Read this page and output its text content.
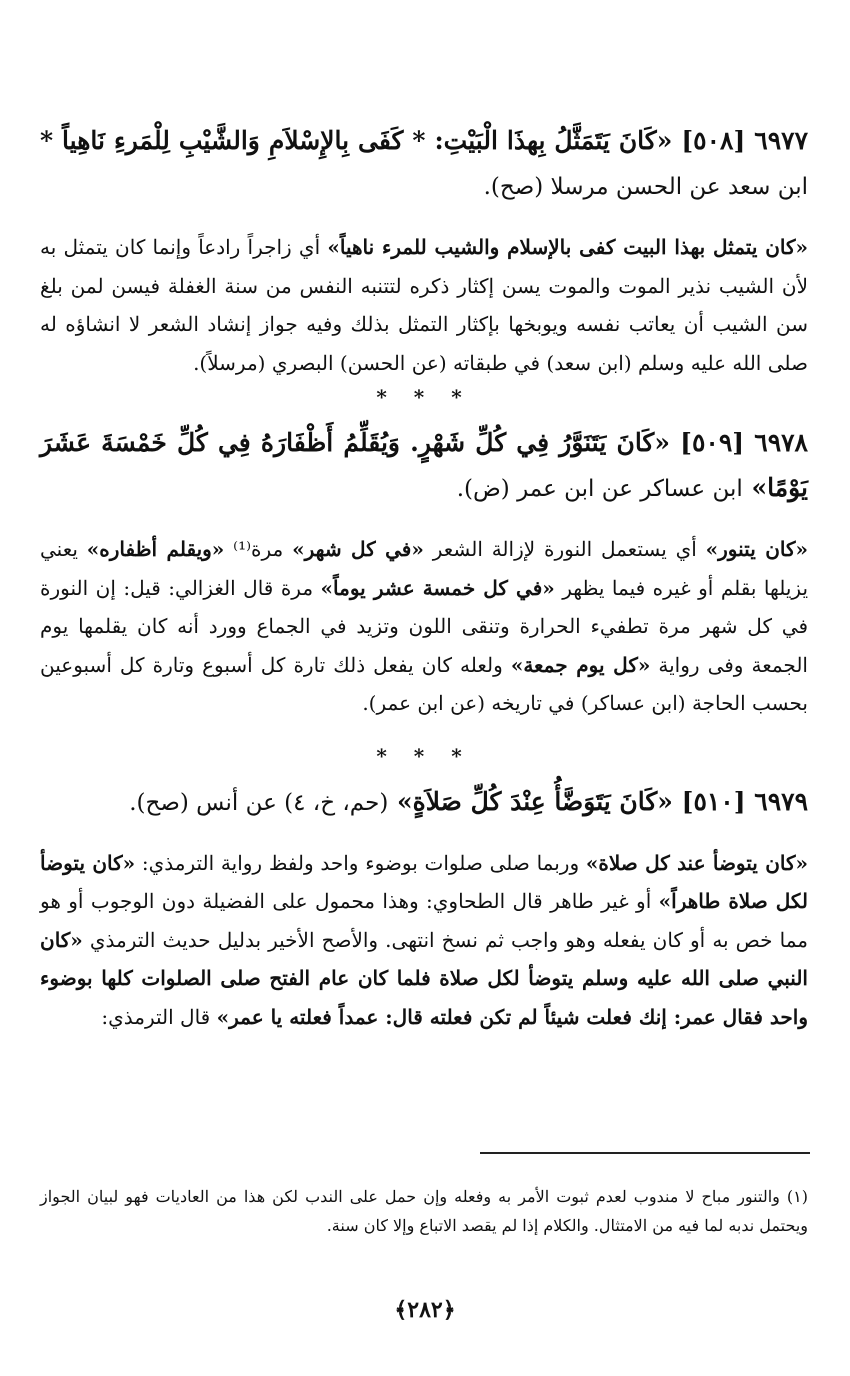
٦٩٧٧ [٥٠٨] «كَانَ يَتَمَثَّلُ بِهذَا الْبَيْتِ: * كَفَى بِالإِسْلاَمِ وَالشَّيْبِ لِلْمَرءِ نَاهِياً * ابن سعد عن الحسن مرسلا (صح).

«كان يتمثل بهذا البيت كفى بالإسلام والشيب للمرء ناهياً» أي زاجراً رادعاً وإنما كان يتمثل به لأن الشيب نذير الموت والموت يسن إكثار ذكره لتتنبه النفس من سنة الغفلة فيسن لمن بلغ سن الشيب أن يعاتب نفسه ويوبخها بإكثار التمثل بذلك وفيه جواز إنشاد الشعر لا انشاؤه له صلى الله عليه وسلم (ابن سعد) في طبقاته (عن الحسن) البصري (مرسلاً).

* * *

٦٩٧٨ [٥٠٩] «كَانَ يَتَنَوَّرُ فِي كُلِّ شَهْرٍ. وَيُقَلِّمُ أَظْفَارَهُ فِي كُلِّ خَمْسَةَ عَشَرَ يَوْمًا» ابن عساكر عن ابن عمر (ض).

«كان يتنور» أي يستعمل النورة لإزالة الشعر «في كل شهر» مرة⁽¹⁾ «ويقلم أظفاره» يعني يزيلها بقلم أو غيره فيما يظهر «في كل خمسة عشر يوماً» مرة قال الغزالي: قيل: إن النورة في كل شهر مرة تطفيء الحرارة وتنقى اللون وتزيد في الجماع وورد أنه كان يقلمها يوم الجمعة وفى رواية «كل يوم جمعة» ولعله كان يفعل ذلك تارة كل أسبوع وتارة كل أسبوعين بحسب الحاجة (ابن عساكر) في تاريخه (عن ابن عمر).

* * *

٦٩٧٩ [٥١٠] «كَانَ يَتَوَضَّأُ عِنْدَ كُلِّ صَلاَةٍ» (حم، خ، ٤) عن أنس (صح).

«كان يتوضأ عند كل صلاة» وربما صلى صلوات بوضوء واحد ولفظ رواية الترمذي: «كان يتوضأ لكل صلاة طاهراً» أو غير طاهر قال الطحاوي: وهذا محمول على الفضيلة دون الوجوب أو هو مما خص به أو كان يفعله وهو واجب ثم نسخ انتهى. والأصح الأخير بدليل حديث الترمذي «كان النبي صلى الله عليه وسلم يتوضأ لكل صلاة فلما كان عام الفتح صلى الصلوات كلها بوضوء واحد فقال عمر: إنك فعلت شيئاً لم تكن فعلته قال: عمداً فعلته يا عمر» قال الترمذي:

(١) والتنور مباح لا مندوب لعدم ثبوت الأمر به وفعله وإن حمل على الندب لكن هذا من العاديات فهو لبيان الجواز ويحتمل ندبه لما فيه من الامتثال. والكلام إذا لم يقصد الاتباع وإلا كان سنة.

﴿٢٨٢﴾
